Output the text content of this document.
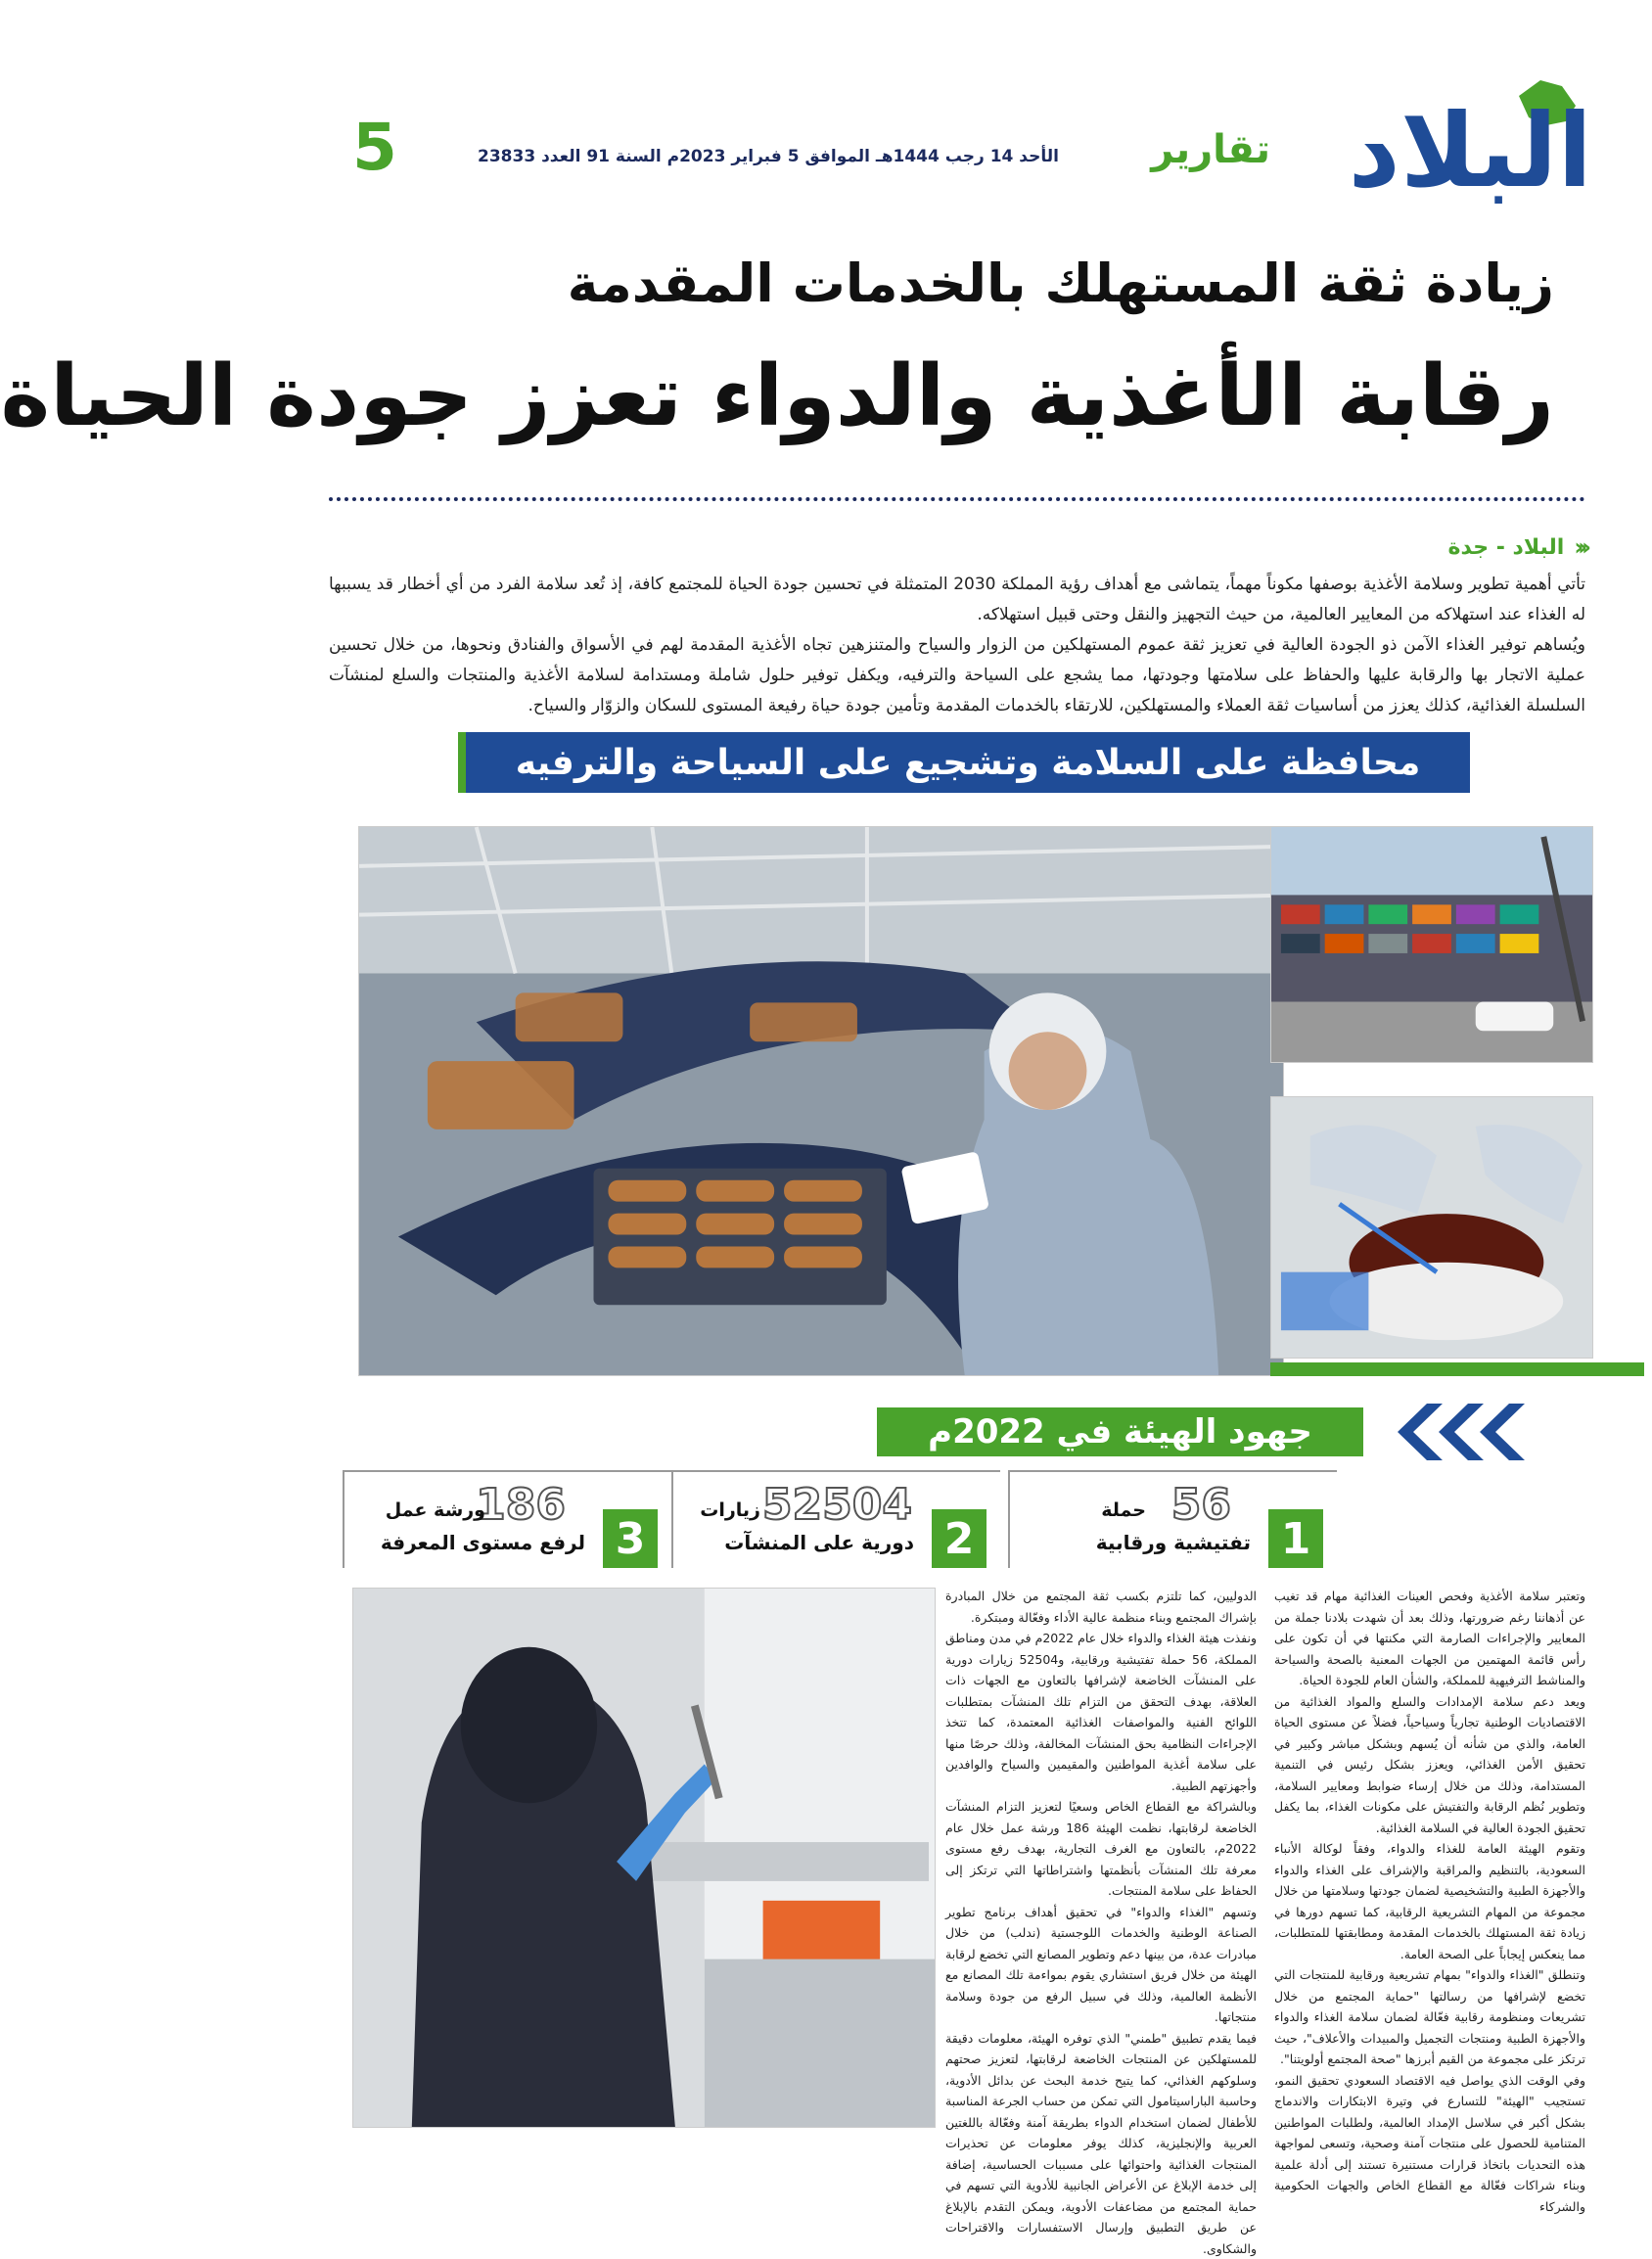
البلاد
تقارير
الأحد 14 رجب 1444هـ الموافق 5 فبراير 2023م السنة 91 العدد 23833
5
زيادة ثقة المستهلك بالخدمات المقدمة
رقابة الأغذية والدواء تعزز جودة الحياة
‹‹‹
البلاد - جدة

تأتي أهمية تطوير وسلامة الأغذية بوصفها مكوناً مهماً، يتماشى مع أهداف رؤية المملكة 2030 المتمثلة في تحسين جودة الحياة للمجتمع كافة، إذ تُعد سلامة الفرد من أي أخطار قد يسببها له الغذاء عند استهلاكه من المعايير العالمية، من حيث التجهيز والنقل وحتى قبيل استهلاكه.

ويُساهم توفير الغذاء الآمن ذو الجودة العالية في تعزيز ثقة عموم المستهلكين من الزوار والسياح والمتنزهين تجاه الأغذية المقدمة لهم في الأسواق والفنادق ونحوها، من خلال تحسين عملية الاتجار بها والرقابة عليها والحفاظ على سلامتها وجودتها، مما يشجع على السياحة والترفيه، ويكفل توفير حلول شاملة ومستدامة لسلامة الأغذية والمنتجات والسلع لمنشآت السلسلة الغذائية، كذلك يعزز من أساسيات ثقة العملاء والمستهلكين، للارتقاء بالخدمات المقدمة وتأمين جودة حياة رفيعة المستوى للسكان والزوّار والسياح.

محافظة على السلامة وتشجيع على السياحة والترفيه
جهود الهيئة في 2022م
1
56
حملة
تفتيشية ورقابية
2
52504
زيارات
دورية على المنشآت
3
186
ورشة عمل
لرفع مستوى المعرفة

وتعتبر سلامة الأغذية وفحص العينات الغذائية مهام قد تغيب عن أذهاننا رغم ضرورتها، وذلك بعد أن شهدت بلادنا جملة من المعايير والإجراءات الصارمة التي مكنتها في أن تكون على رأس قائمة المهتمين من الجهات المعنية بالصحة والسياحة والمناشط الترفيهية للمملكة، والشأن العام للجودة الحياة.

ويعد دعم سلامة الإمدادات والسلع والمواد الغذائية من الاقتصاديات الوطنية تجارياً وسياحياً، فضلاً عن مستوى الحياة العامة، والذي من شأنه أن يُسهم وبشكل مباشر وكبير في تحقيق الأمن الغذائي، ويعزز بشكل رئيس في التنمية المستدامة، وذلك من خلال إرساء ضوابط ومعايير السلامة، وتطوير نُظم الرقابة والتفتيش على مكونات الغذاء، بما يكفل تحقيق الجودة العالية في السلامة الغذائية.

وتقوم الهيئة العامة للغذاء والدواء، وفقاً لوكالة الأنباء السعودية، بالتنظيم والمراقبة والإشراف على الغذاء والدواء والأجهزة الطبية والتشخيصية لضمان جودتها وسلامتها من خلال مجموعة من المهام التشريعية الرقابية، كما تسهم دورها في زيادة ثقة المستهلك بالخدمات المقدمة ومطابقتها للمتطلبات، مما ينعكس إيجاباً على الصحة العامة.

وتنطلق "الغذاء والدواء" بمهام تشريعية ورقابية للمنتجات التي تخضع لإشرافها من رسالتها "حماية المجتمع من خلال تشريعات ومنظومة رقابية فعّالة لضمان سلامة الغذاء والدواء والأجهزة الطبية ومنتجات التجميل والمبيدات والأعلاف"، حيث ترتكز على مجموعة من القيم أبرزها "صحة المجتمع أولويتنا".

وفي الوقت الذي يواصل فيه الاقتصاد السعودي تحقيق النمو، تستجيب "الهيئة" للتسارع في وتيرة الابتكارات والاندماج بشكل أكبر في سلاسل الإمداد العالمية، ولطلبات المواطنين المتنامية للحصول على منتجات آمنة وصحية، وتسعى لمواجهة هذه التحديات باتخاذ قرارات مستنيرة تستند إلى أدلة علمية وبناء شراكات فعّالة مع القطاع الخاص والجهات الحكومية والشركاء

الدوليين، كما تلتزم بكسب ثقة المجتمع من خلال المبادرة بإشراك المجتمع وبناء منظمة عالية الأداء وفعّالة ومبتكرة.

ونفذت هيئة الغذاء والدواء خلال عام 2022م في مدن ومناطق المملكة، 56 حملة تفتيشية ورقابية، و52504 زيارات دورية على المنشآت الخاضعة لإشرافها بالتعاون مع الجهات ذات العلاقة، بهدف التحقق من التزام تلك المنشآت بمتطلبات اللوائح الفنية والمواصفات الغذائية المعتمدة، كما تتخذ الإجراءات النظامية بحق المنشآت المخالفة، وذلك حرصًا منها على سلامة أغذية المواطنين والمقيمين والسياح والوافدين وأجهزتهم الطبية.

وبالشراكة مع القطاع الخاص وسعيًا لتعزيز التزام المنشآت الخاضعة لرقابتها، نظمت الهيئة 186 ورشة عمل خلال عام 2022م، بالتعاون مع الغرف التجارية، بهدف رفع مستوى معرفة تلك المنشآت بأنظمتها واشتراطاتها التي ترتكز إلى الحفاظ على سلامة المنتجات.

وتسهم "الغذاء والدواء" في تحقيق أهداف برنامج تطوير الصناعة الوطنية والخدمات اللوجستية (ندلب) من خلال مبادرات عدة، من بينها دعم وتطوير المصانع التي تخضع لرقابة الهيئة من خلال فريق استشاري يقوم بمواءمة تلك المصانع مع الأنظمة العالمية، وذلك في سبيل الرفع من جودة وسلامة منتجاتها.

فيما يقدم تطبيق "طمني" الذي توفره الهيئة، معلومات دقيقة للمستهلكين عن المنتجات الخاضعة لرقابتها، لتعزيز صحتهم وسلوكهم الغذائي، كما يتيح خدمة البحث عن بدائل الأدوية، وحاسبة الباراسيتامول التي تمكن من حساب الجرعة المناسبة للأطفال لضمان استخدام الدواء بطريقة آمنة وفعّالة باللغتين العربية والإنجليزية، كذلك يوفر معلومات عن تحذيرات المنتجات الغذائية واحتوائها على مسببات الحساسية، إضافة إلى خدمة الإبلاغ عن الأعراض الجانبية للأدوية التي تسهم في حماية المجتمع من مضاعفات الأدوية، ويمكن التقدم بالإبلاغ عن طريق التطبيق وإرسال الاستفسارات والاقتراحات والشكاوى.
